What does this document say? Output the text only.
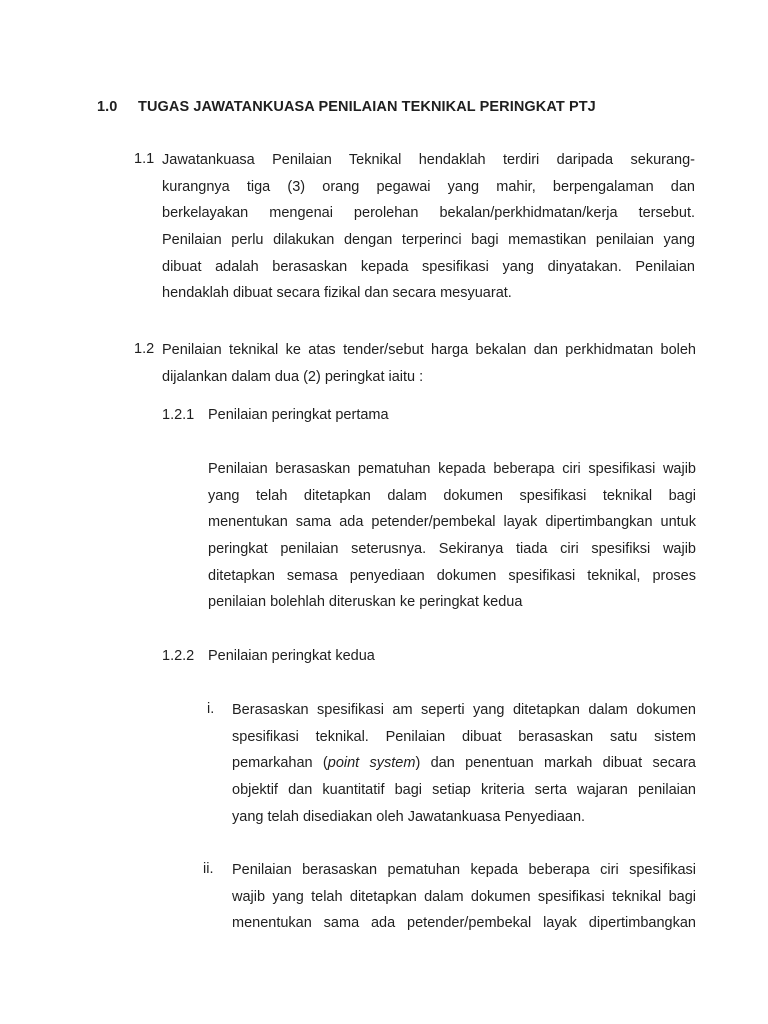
1.0 TUGAS JAWATANKUASA PENILAIAN TEKNIKAL PERINGKAT PTJ
1.1 Jawatankuasa Penilaian Teknikal hendaklah terdiri daripada sekurang-
kurangnya tiga (3) orang pegawai yang mahir, berpengalaman dan
berkelayakan mengenai perolehan bekalan/perkhidmatan/kerja tersebut.
Penilaian perlu dilakukan dengan terperinci bagi memastikan penilaian yang
dibuat adalah berasaskan kepada spesifikasi yang dinyatakan. Penilaian
hendaklah dibuat secara fizikal dan secara mesyuarat.
1.2 Penilaian teknikal ke atas tender/sebut harga bekalan dan perkhidmatan boleh
dijalankan dalam dua (2) peringkat iaitu :
1.2.1 Penilaian peringkat pertama
Penilaian berasaskan pematuhan kepada beberapa ciri spesifikasi wajib
yang telah ditetapkan dalam dokumen spesifikasi teknikal bagi
menentukan sama ada petender/pembekal layak dipertimbangkan untuk
peringkat penilaian seterusnya. Sekiranya tiada ciri spesifiksi wajib
ditetapkan semasa penyediaan dokumen spesifikasi teknikal, proses
penilaian bolehlah diteruskan ke peringkat kedua
1.2.2 Penilaian peringkat kedua
i. Berasaskan spesifikasi am seperti yang ditetapkan dalam dokumen
spesifikasi teknikal. Penilaian dibuat berasaskan satu sistem
pemarkahan (point system) dan penentuan markah dibuat secara
objektif dan kuantitatif bagi setiap kriteria serta wajaran penilaian
yang telah disediakan oleh Jawatankuasa Penyediaan.
ii. Penilaian berasaskan pematuhan kepada beberapa ciri spesifikasi
wajib yang telah ditetapkan dalam dokumen spesifikasi teknikal bagi
menentukan sama ada petender/pembekal layak dipertimbangkan
